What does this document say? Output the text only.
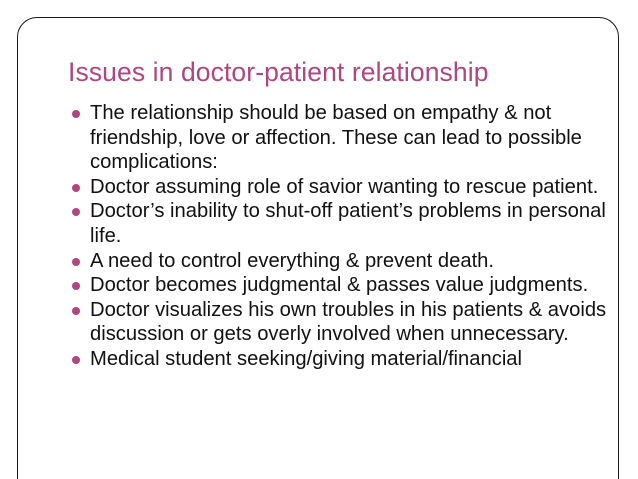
Issues in doctor-patient relationship
The relationship should be based on empathy & not friendship, love or affection. These can lead to possible complications:
Doctor assuming role of savior wanting to rescue patient.
Doctor’s inability to shut-off patient’s problems in personal life.
A need to control everything & prevent death.
Doctor becomes judgmental & passes value judgments.
Doctor visualizes his own troubles in his patients & avoids discussion or gets overly involved when unnecessary.
Medical student seeking/giving material/financial
